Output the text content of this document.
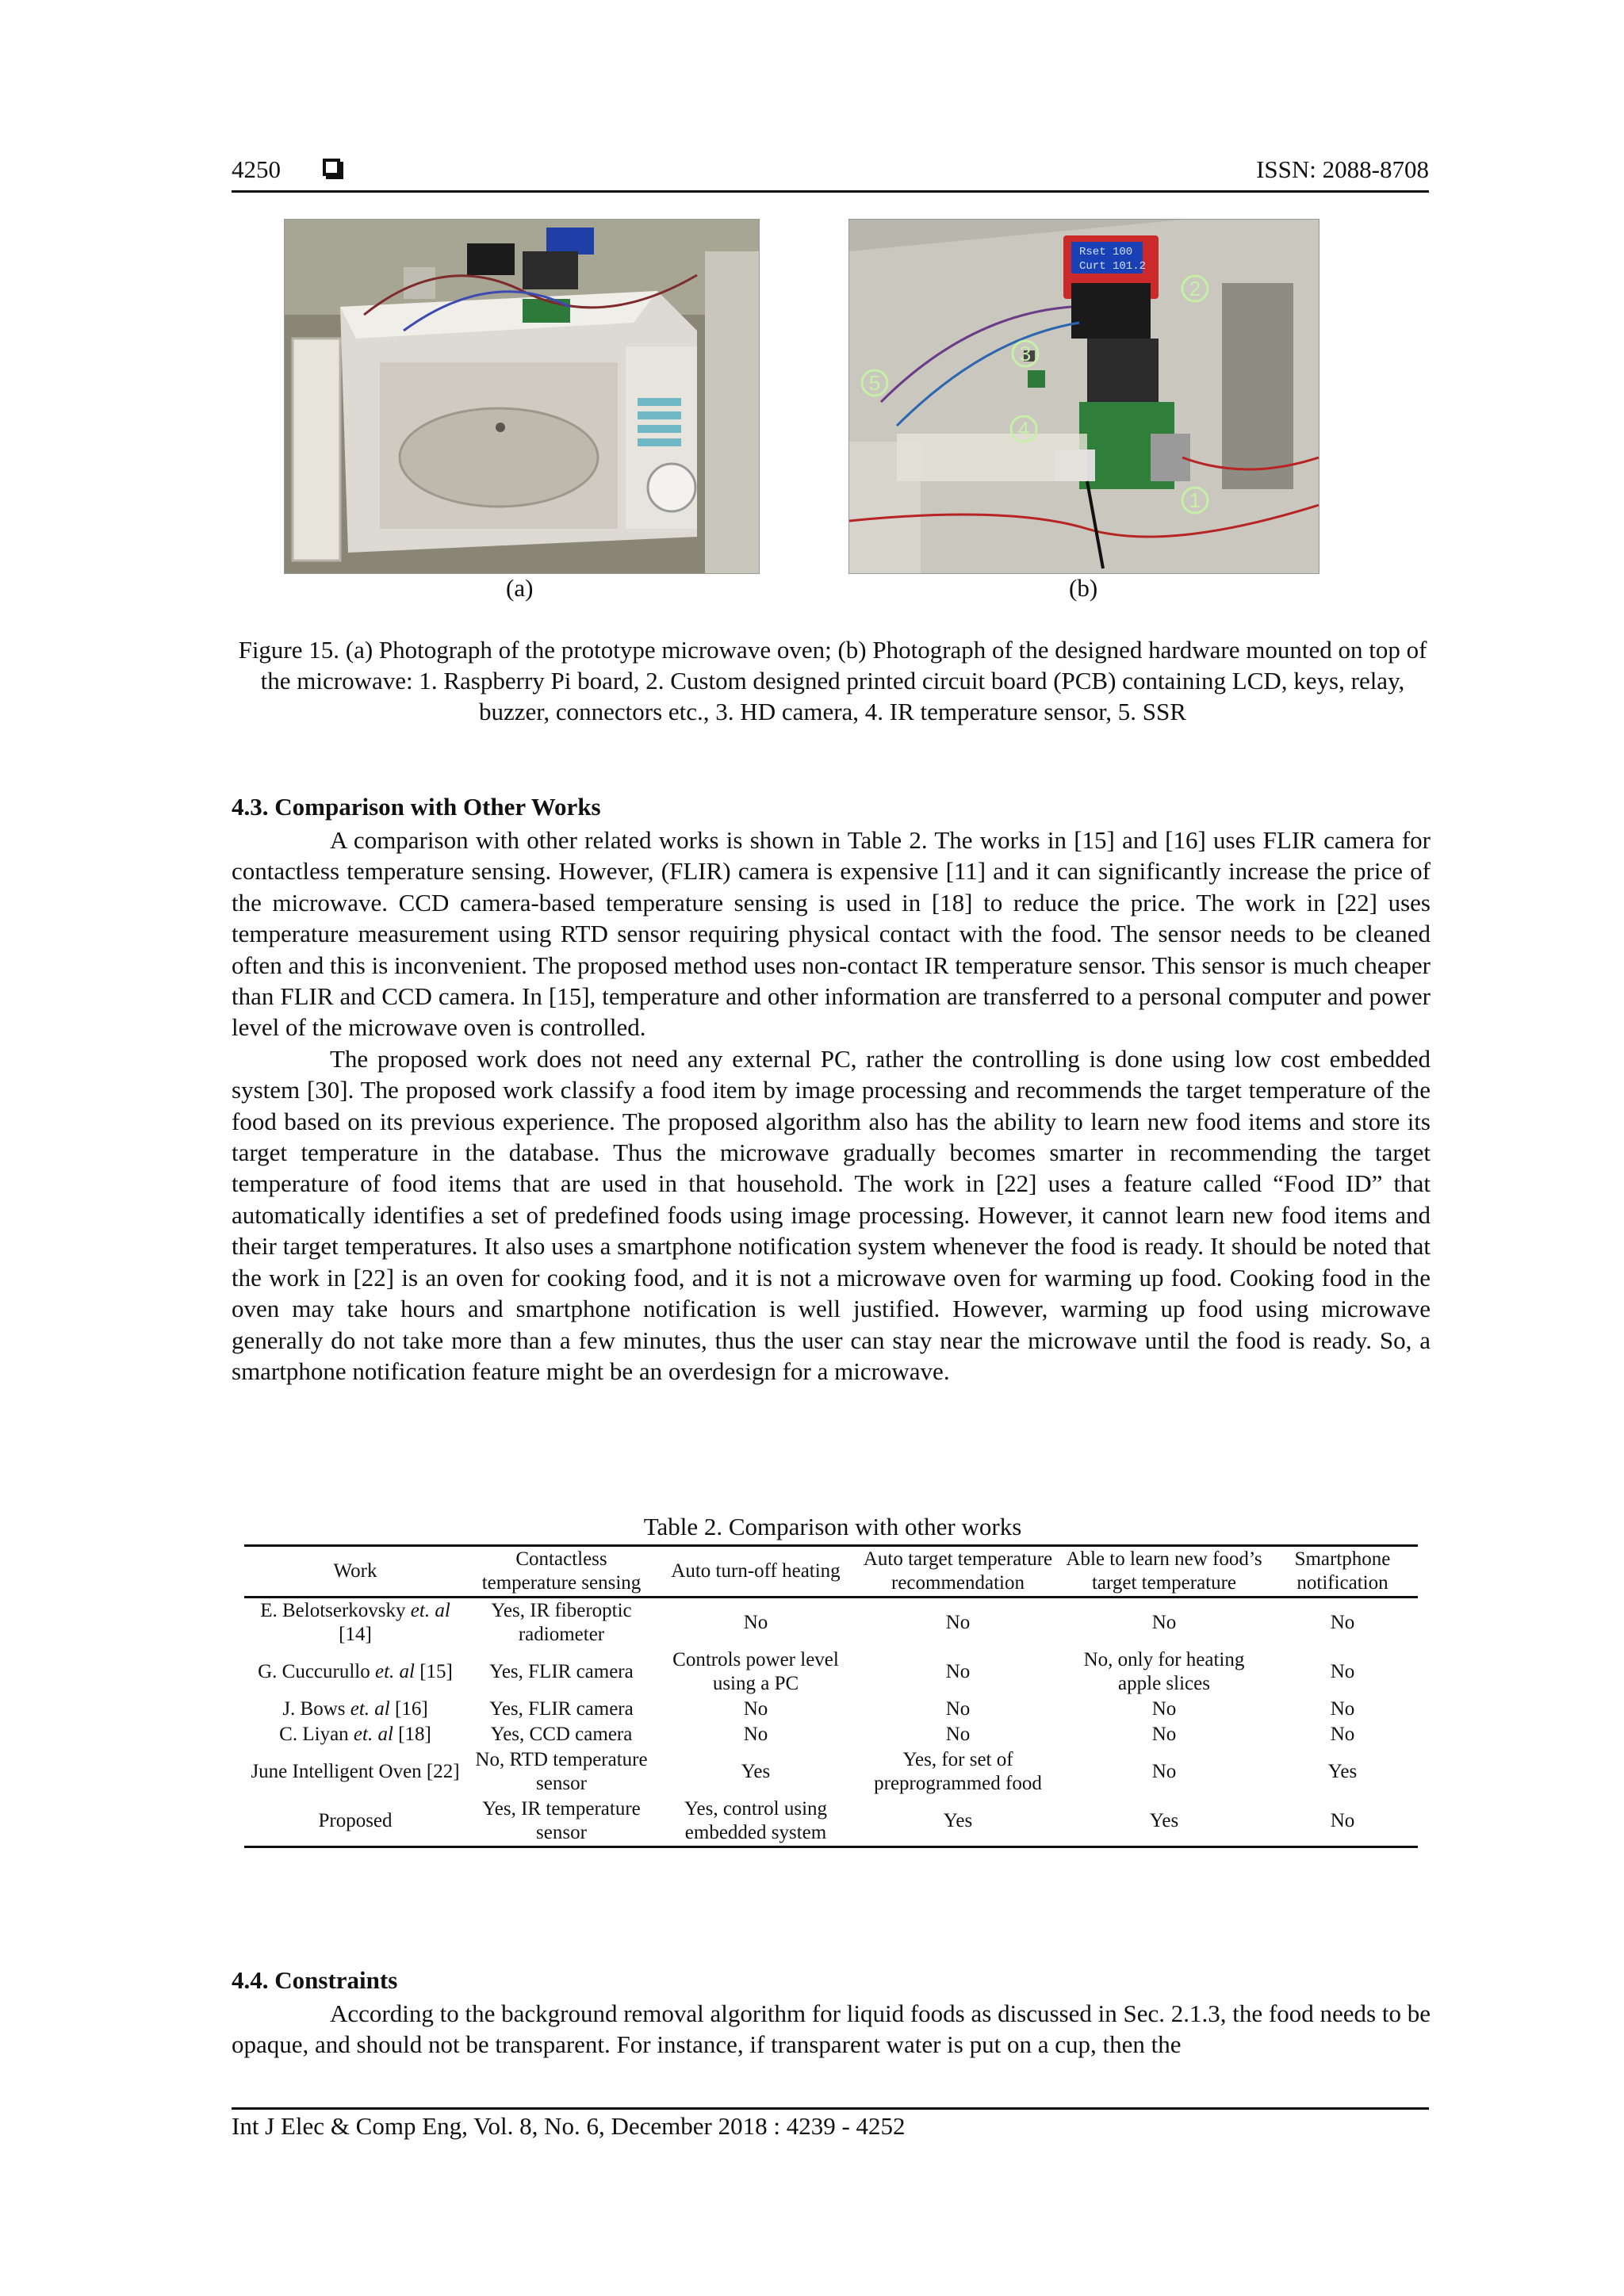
4250	ISSN: 2088-8708
Rset 100
Curt 101.2
2
3
4
5
1
(a)	(b)
Figure 15. (a) Photograph of the prototype microwave oven; (b) Photograph of the designed hardware mounted on top of the microwave: 1. Raspberry Pi board, 2. Custom designed printed circuit board (PCB) containing LCD, keys, relay, buzzer, connectors etc., 3. HD camera, 4. IR temperature sensor, 5. SSR
4.3. Comparison with Other Works

A comparison with other related works is shown in Table 2. The works in [15] and [16] uses FLIR camera for contactless temperature sensing. However, (FLIR) camera is expensive [11] and it can significantly increase the price of the microwave. CCD camera-based temperature sensing is used in [18] to reduce the price. The work in [22] uses temperature measurement using RTD sensor requiring physical contact with the food. The sensor needs to be cleaned often and this is inconvenient. The proposed method uses non-contact IR temperature sensor. This sensor is much cheaper than FLIR and CCD camera. In [15], temperature and other information are transferred to a personal computer and power level of the microwave oven is controlled.

The proposed work does not need any external PC, rather the controlling is done using low cost embedded system [30]. The proposed work classify a food item by image processing and recommends the target temperature of the food based on its previous experience. The proposed algorithm also has the ability to learn new food items and store its target temperature in the database. Thus the microwave gradually becomes smarter in recommending the target temperature of food items that are used in that household. The work in [22] uses a feature called “Food ID” that automatically identifies a set of predefined foods using image processing. However, it cannot learn new food items and their target temperatures. It also uses a smartphone notification system whenever the food is ready. It should be noted that the work in [22] is an oven for cooking food, and it is not a microwave oven for warming up food. Cooking food in the oven may take hours and smartphone notification is well justified. However, warming up food using microwave generally do not take more than a few minutes, thus the user can stay near the microwave until the food is ready. So, a smartphone notification feature might be an overdesign for a microwave.

Table 2. Comparison with other works
Work	Contactless temperature sensing	Auto turn-off heating	Auto target temperature recommendation	Able to learn new food’s target temperature	Smartphone notification
E. Belotserkovsky et. al [14]	Yes, IR fiberoptic radiometer	No	No	No	No
G. Cuccurullo et. al [15]	Yes, FLIR camera	Controls power level using a PC	No	No, only for heating apple slices	No
J. Bows et. al [16]	Yes, FLIR camera	No	No	No	No
C. Liyan et. al [18]	Yes, CCD camera	No	No	No	No
June Intelligent Oven [22]	No, RTD temperature sensor	Yes	Yes, for set of preprogrammed food	No	Yes
Proposed	Yes, IR temperature sensor	Yes, control using embedded system	Yes	Yes	No
4.4. Constraints

According to the background removal algorithm for liquid foods as discussed in Sec. 2.1.3, the food needs to be opaque, and should not be transparent. For instance, if transparent water is put on a cup, then the

Int J Elec & Comp Eng, Vol. 8, No. 6, December 2018 : 4239 - 4252
